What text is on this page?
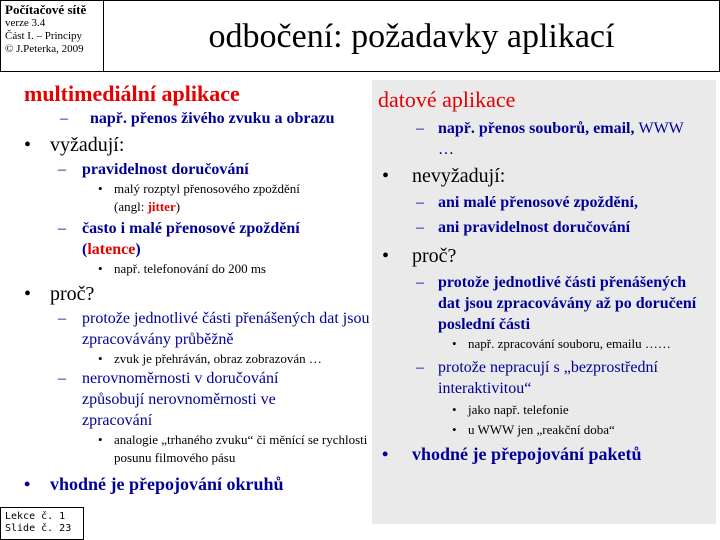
Počítačové sítě
verze 3.4
Část I. – Principy
© J.Peterka, 2009	odbočení: požadavky aplikací
multimediální aplikace
– např. přenos živého zvuku a obrazu
• vyžadují:
– pravidelnost doručování
• malý rozptyl přenosového zpoždění
(angl: jitter)
– často i malé přenosové zpoždění
(latence)
• např. telefonování do 200 ms
• proč?
– protože jednotlivé části přenášených dat jsou zpracovávány průběžně
• zvuk je přehráván, obraz zobrazován …
– nerovnoměrnosti v doručování způsobují nerovnoměrnosti ve zpracování
• analogie „trhaného zvuku“ či měnící se rychlosti posunu filmového pásu
• vhodné je přepojování okruhů
datové aplikace
– např. přenos souborů, email, WWW
…
• nevyžadují:
– ani malé přenosové zpoždění,
– ani pravidelnost doručování
• proč?
– protože jednotlivé části přenášených dat jsou zpracovávány až po doručení poslední části
• např. zpracování souboru, emailu ……
– protože nepracují s „bezprostřední interaktivitou“
• jako např. telefonie
• u WWW jen „reakční doba“
• vhodné je přepojování paketů
Lekce č. 1
Slide č. 23
